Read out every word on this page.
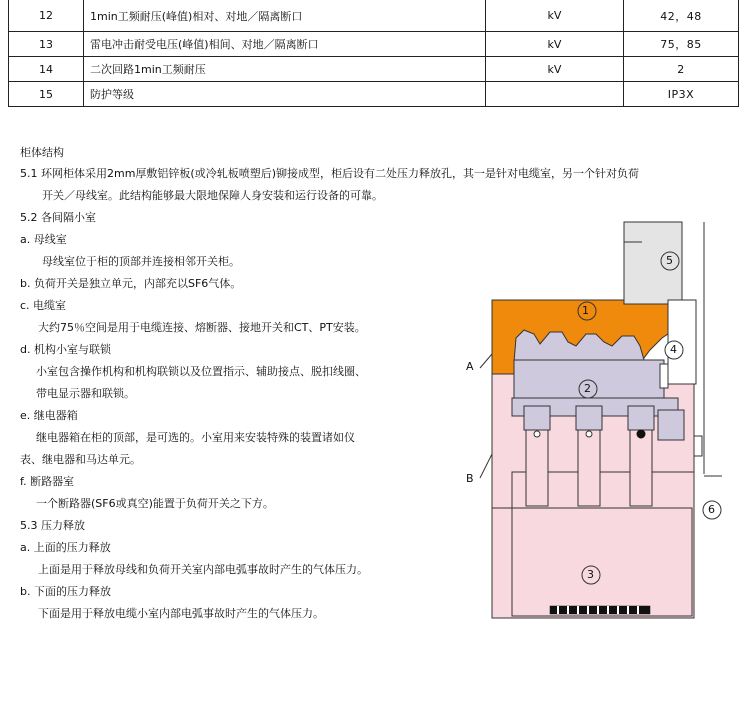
12	1min工频耐压(峰值)相对、对地／隔离断口	kV	42，48
13	雷电冲击耐受电压(峰值)相间、对地／隔离断口	kV	75，85
14	二次回路1min工频耐压	kV	2
15	防护等级		IP3X
柜体结构
5.1 环网柜体采用2mm厚敷铝锌板(或冷轧板喷塑后)铆接成型，柜后设有二处压力释放孔，其一是针对电缆室，另一个针对负荷
开关／母线室。此结构能够最大限地保障人身安装和运行设备的可靠。
5.2 各间隔小室
a. 母线室
母线室位于柜的顶部并连接相邻开关柜。
b. 负荷开关是独立单元，内部充以SF6气体。
c. 电缆室
大约75％空间是用于电缆连接、熔断器、接地开关和CT、PT安装。
d. 机构小室与联锁
小室包含操作机构和机构联锁以及位置指示、辅助接点、脱扣线圈、
带电显示器和联锁。
e. 继电器箱
继电器箱在柜的顶部，是可选的。小室用来安装特殊的装置诸如仪
表、继电器和马达单元。
f. 断路器室
一个断路器(SF6或真空)能置于负荷开关之下方。
5.3 压力释放
a. 上面的压力释放
上面是用于释放母线和负荷开关室内部电弧事故时产生的气体压力。
b. 下面的压力释放
下面是用于释放电缆小室内部电弧事故时产生的气体压力。
1
2
3
4
5
6
A
B
